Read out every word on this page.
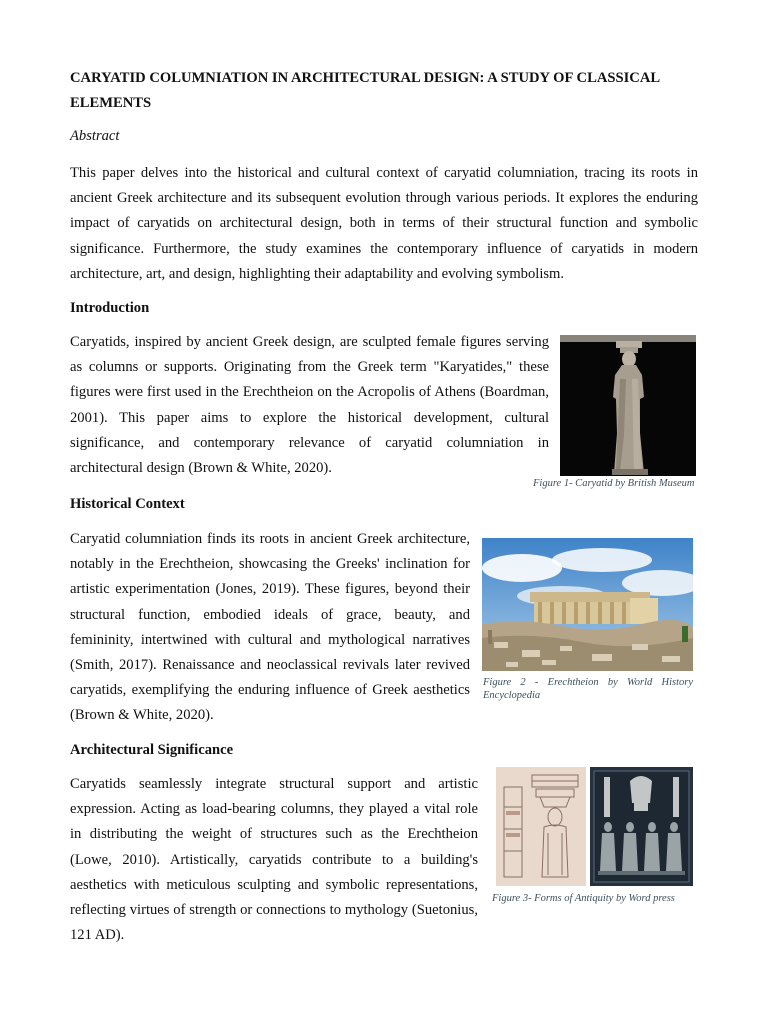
CARYATID COLUMNIATION IN ARCHITECTURAL DESIGN: A STUDY OF CLASSICAL ELEMENTS

Abstract

This paper delves into the historical and cultural context of caryatid columniation, tracing its roots in ancient Greek architecture and its subsequent evolution through various periods. It explores the enduring impact of caryatids on architectural design, both in terms of their structural function and symbolic significance. Furthermore, the study examines the contemporary influence of caryatids in modern architecture, art, and design, highlighting their adaptability and evolving symbolism.

Introduction

Caryatids, inspired by ancient Greek design, are sculpted female figures serving as columns or supports. Originating from the Greek term "Karyatides," these figures were first used in the Erechtheion on the Acropolis of Athens (Boardman, 2001). This paper aims to explore the historical development, cultural significance, and contemporary relevance of caryatid columniation in architectural design (Brown & White, 2020).

Figure 1- Caryatid by British Museum

Historical Context

Caryatid columniation finds its roots in ancient Greek architecture, notably in the Erechtheion, showcasing the Greeks' inclination for artistic experimentation (Jones, 2019). These figures, beyond their structural function, embodied ideals of grace, beauty, and femininity, intertwined with cultural and mythological narratives (Smith, 2017). Renaissance and neoclassical revivals later revived caryatids, exemplifying the enduring influence of Greek aesthetics (Brown & White, 2020).

Figure 2 - Erechtheion by World History Encyclopedia

Architectural Significance

Caryatids seamlessly integrate structural support and artistic expression. Acting as load-bearing columns, they played a vital role in distributing the weight of structures such as the Erechtheion (Lowe, 2010). Artistically, caryatids contribute to a building's aesthetics with meticulous sculpting and symbolic representations, reflecting virtues of strength or connections to mythology (Suetonius, 121 AD).

Figure 3- Forms of Antiquity by Word press
